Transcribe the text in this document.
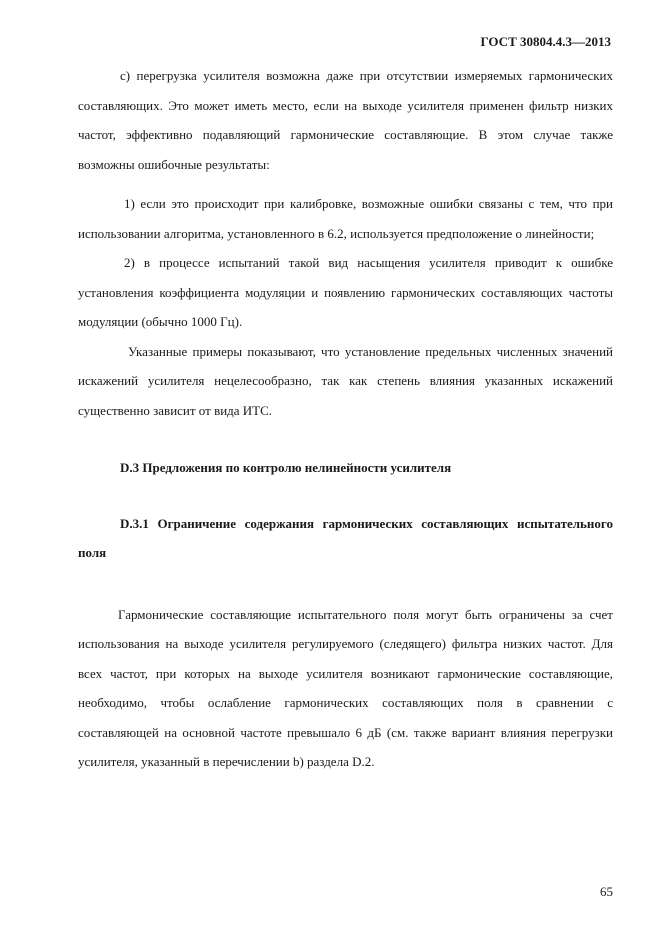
ГОСТ 30804.4.3—2013

c) перегрузка усилителя возможна даже при отсутствии измеряемых гармонических составляющих. Это может иметь место, если на выходе усилителя применен фильтр низких частот, эффективно подавляющий гармонические составляющие. В этом случае также возможны ошибочные результаты:

1) если это происходит при калибровке, возможные ошибки связаны с тем, что при использовании алгоритма, установленного в 6.2, используется предположение о линейности;

2) в процессе испытаний такой вид насыщения усилителя приводит к ошибке установления коэффициента модуляции и появлению гармонических составляющих частоты модуляции (обычно 1000 Гц).

Указанные примеры показывают, что установление предельных численных значений искажений усилителя нецелесообразно, так как степень влияния указанных искажений существенно зависит от вида ИТС.

D.3 Предложения по контролю нелинейности усилителя

D.3.1 Ограничение содержания гармонических составляющих испытательного поля

Гармонические составляющие испытательного поля могут быть ограничены за счет использования на выходе усилителя регулируемого (следящего) фильтра низких частот. Для всех частот, при которых на выходе усилителя возникают гармонические составляющие, необходимо, чтобы ослабление гармонических составляющих поля в сравнении с составляющей на основной частоте превышало 6 дБ (см. также вариант влияния перегрузки усилителя, указанный в перечислении b) раздела D.2.

65
